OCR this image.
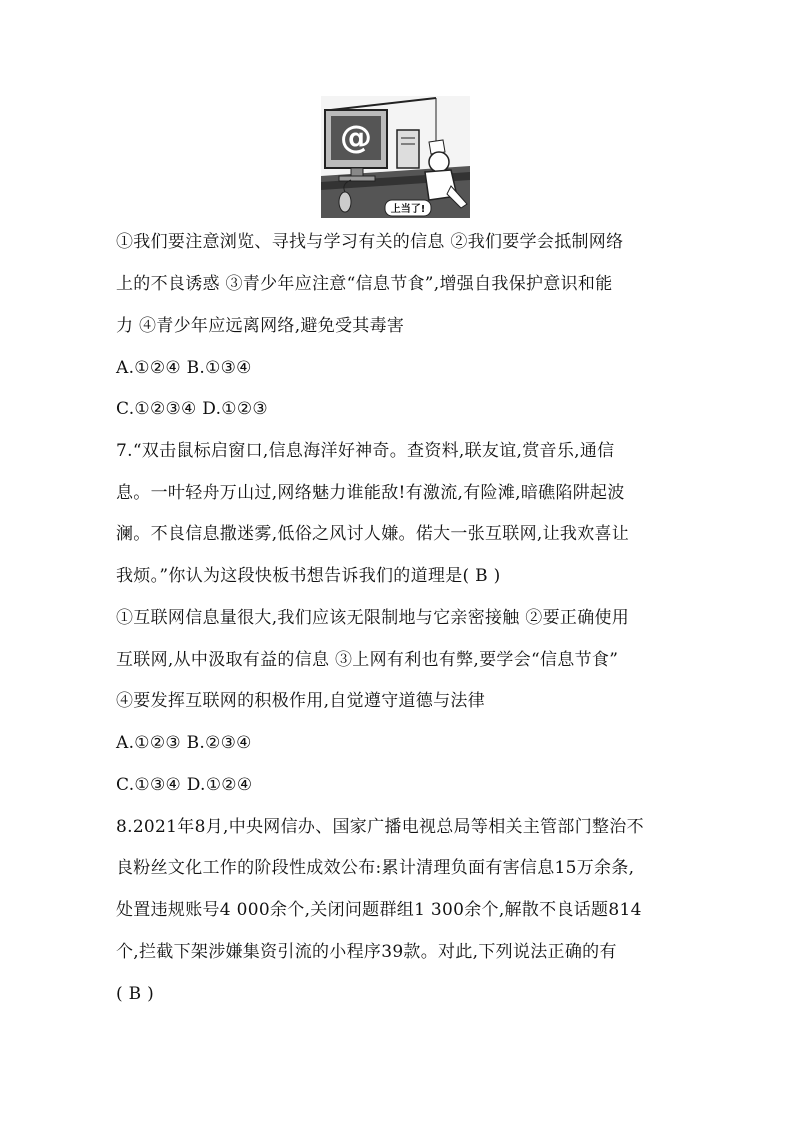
@
上当了!
①我们要注意浏览、寻找与学习有关的信息 ②我们要学会抵制网络
上的不良诱惑 ③青少年应注意“信息节食”,增强自我保护意识和能
力 ④青少年应远离网络,避免受其毒害
A.①②④ B.①③④
C.①②③④ D.①②③
7.“双击鼠标启窗口,信息海洋好神奇。查资料,联友谊,赏音乐,通信
息。一叶轻舟万山过,网络魅力谁能敌!有激流,有险滩,暗礁陷阱起波
澜。不良信息撒迷雾,低俗之风讨人嫌。偌大一张互联网,让我欢喜让
我烦。”你认为这段快板书想告诉我们的道理是( B )
①互联网信息量很大,我们应该无限制地与它亲密接触 ②要正确使用
互联网,从中汲取有益的信息 ③上网有利也有弊,要学会“信息节食”
④要发挥互联网的积极作用,自觉遵守道德与法律
A.①②③ B.②③④
C.①③④ D.①②④
8.2021年8月,中央网信办、国家广播电视总局等相关主管部门整治不
良粉丝文化工作的阶段性成效公布:累计清理负面有害信息15万余条,
处置违规账号4 000余个,关闭问题群组1 300余个,解散不良话题814
个,拦截下架涉嫌集资引流的小程序39款。对此,下列说法正确的有
( B )
